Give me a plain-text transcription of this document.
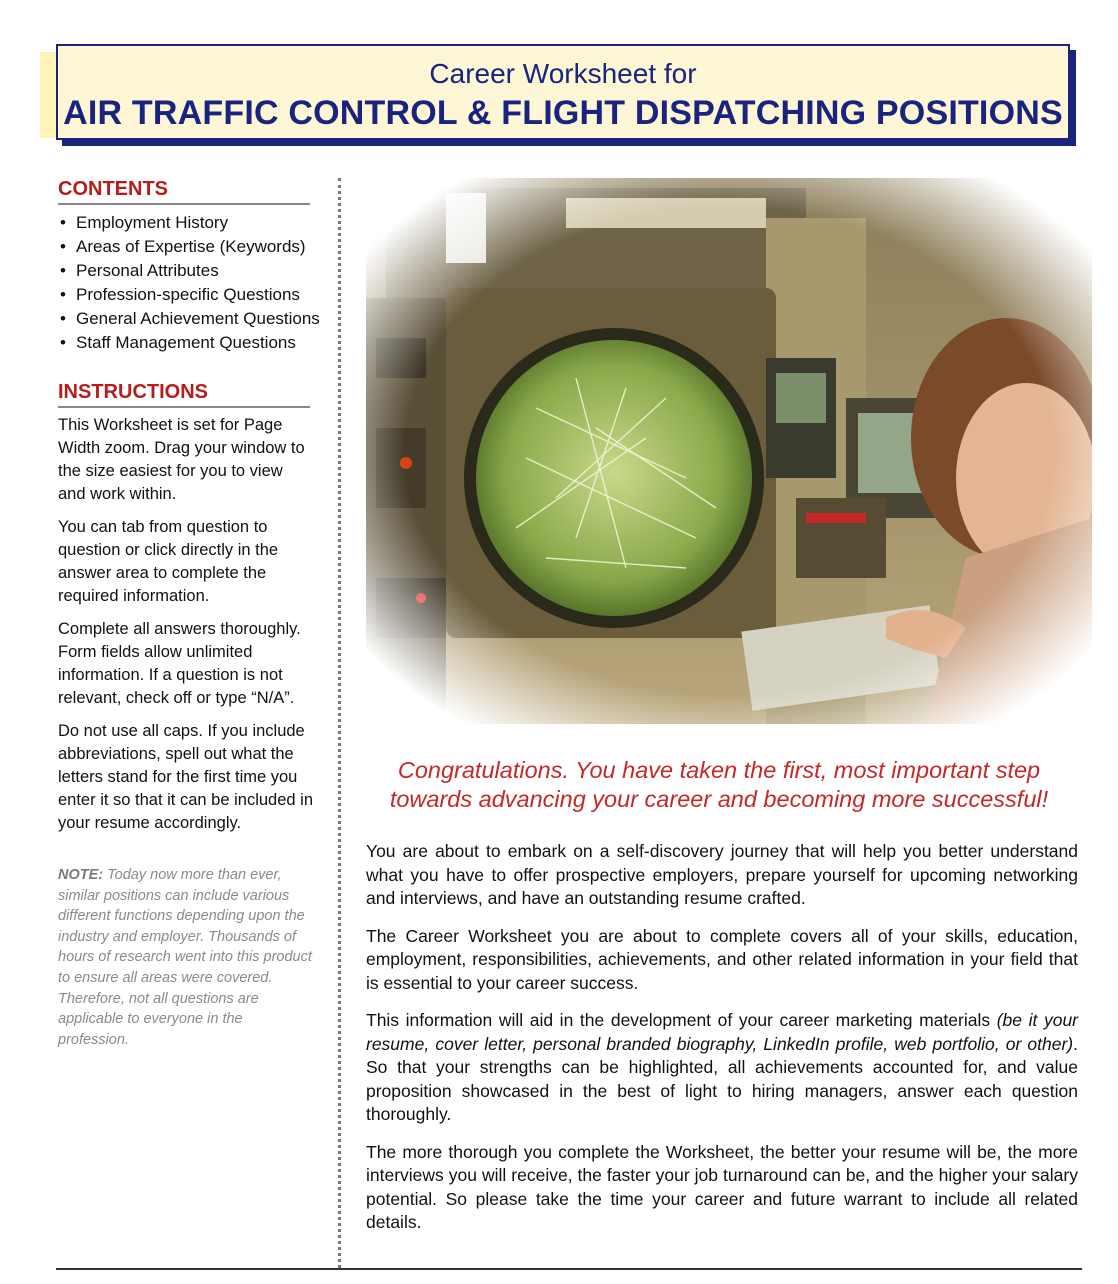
Career Worksheet for
AIR TRAFFIC CONTROL & FLIGHT DISPATCHING POSITIONS
CONTENTS
• Employment History
• Areas of Expertise (Keywords)
• Personal Attributes
• Profession-specific Questions
• General Achievement Questions
• Staff Management Questions
INSTRUCTIONS

This Worksheet is set for Page Width zoom. Drag your window to the size easiest for you to view and work within.

You can tab from question to question or click directly in the answer area to complete the required information.

Complete all answers thoroughly. Form fields allow unlimited information. If a question is not relevant, check off or type “N/A”.

Do not use all caps. If you include abbreviations, spell out what the letters stand for the first time you enter it so that it can be included in your resume accordingly.

NOTE: Today now more than ever, similar positions can include various different functions depending upon the industry and employer. Thousands of hours of research went into this product to ensure all areas were covered. Therefore, not all questions are applicable to everyone in the profession.
Congratulations. You have taken the first, most important step towards advancing your career and becoming more successful!

You are about to embark on a self-discovery journey that will help you better understand what you have to offer prospective employers, prepare yourself for upcoming networking and interviews, and have an outstanding resume crafted.

The Career Worksheet you are about to complete covers all of your skills, education, employment, responsibilities, achievements, and other related information in your field that is essential to your career success.

This information will aid in the development of your career marketing materials (be it your resume, cover letter, personal branded biography, LinkedIn profile, web portfolio, or other). So that your strengths can be highlighted, all achievements accounted for, and value proposition showcased in the best of light to hiring managers, answer each question thoroughly.

The more thorough you complete the Worksheet, the better your resume will be, the more interviews you will receive, the faster your job turnaround can be, and the higher your salary potential. So please take the time your career and future warrant to include all related details.
